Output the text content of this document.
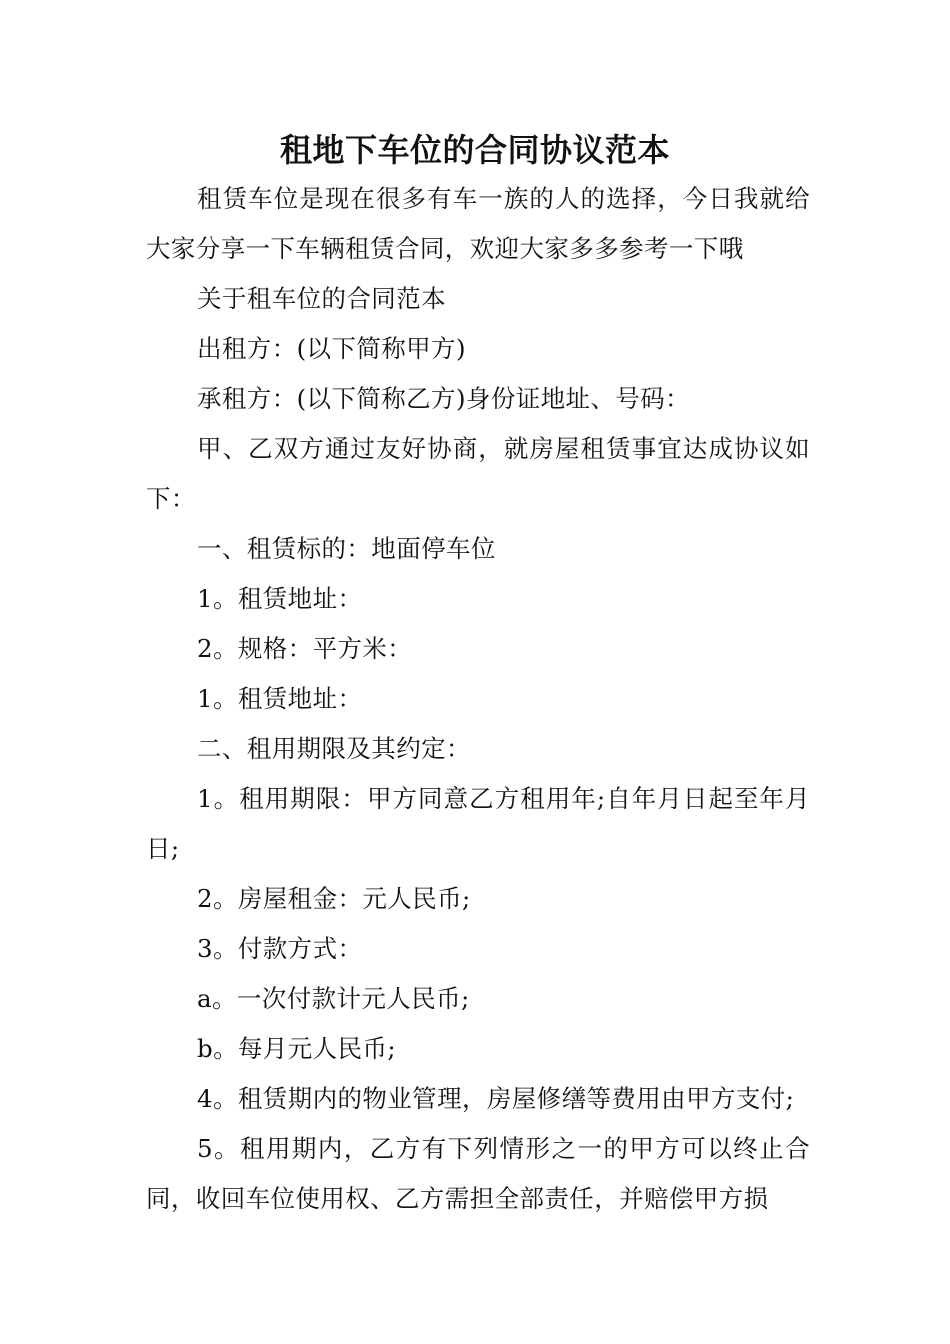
租地下车位的合同协议范本

租赁车位是现在很多有车一族的人的选择，今日我就给大家分享一下车辆租赁合同，欢迎大家多多参考一下哦

关于租车位的合同范本

出租方：(以下简称甲方)

承租方：(以下简称乙方)身份证地址、号码：

甲、乙双方通过友好协商，就房屋租赁事宜达成协议如下：

一、租赁标的：地面停车位

1。租赁地址：

2。规格：平方米：

1。租赁地址：

二、租用期限及其约定：

1。租用期限：甲方同意乙方租用年;自年月日起至年月日;

2。房屋租金：元人民币;

3。付款方式：

a。一次付款计元人民币;

b。每月元人民币;

4。租赁期内的物业管理，房屋修缮等费用由甲方支付;

5。租用期内，乙方有下列情形之一的甲方可以终止合同，收回车位使用权、乙方需担全部责任，并赔偿甲方损
